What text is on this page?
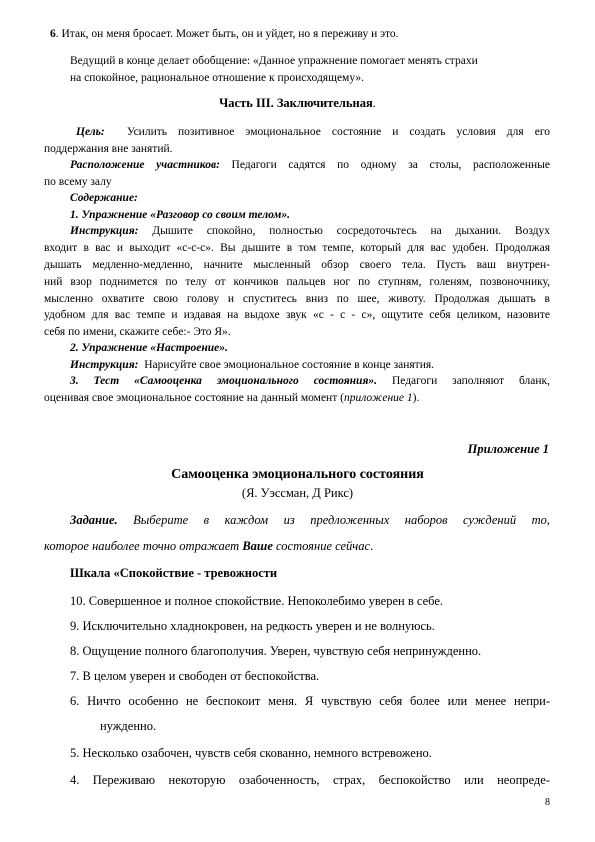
6. Итак, он меня бросает. Может быть, он и уйдет, но я переживу и это.
Ведущий в конце делает обобщение: «Данное упражнение помогает менять страхи
на спокойное, рациональное отношение к происходящему».
Часть III. Заключительная.
Цель: Усилить позитивное эмоциональное состояние и создать условия для его
поддержания вне занятий.
Расположение участников: Педагоги садятся по одному за столы, расположенные
по всему залу
Содержание:
1. Упражнение «Разговор со своим телом».
Инструкция: Дышите спокойно, полностью сосредоточьтесь на дыхании. Воздух
входит в вас и выходит «с-с-с». Вы дышите в том темпе, который для вас удобен. Продолжая
дышать медленно-медленно, начните мысленный обзор своего тела. Пусть ваш внутрен-
ний взор поднимется по телу от кончиков пальцев ног по ступням, голеням, позвоночнику,
мысленно охватите свою голову и спуститесь вниз по шее, животу. Продолжая дышать в
удобном для вас темпе и издавая на выдохе звук «с - с - с», ощутите себя целиком, назовите
себя по имени, скажите себе:- Это Я».
2. Упражнение «Настроение».
Инструкция: Нарисуйте свое эмоциональное состояние в конце занятия.
3. Тест «Самооценка эмоционального состояния». Педагоги заполняют бланк,
оценивая свое эмоциональное состояние на данный момент (приложение 1).
Приложение 1
Самооценка эмоционального состояния
(Я. Уэссман, Д Рикс)
Задание. Выберите в каждом из предложенных наборов суждений то,
которое наиболее точно отражает Ваше состояние сейчас.
Шкала «Спокойствие - тревожности
10. Совершенное и полное спокойствие. Непоколебимо уверен в себе.
9. Исключительно хладнокровен, на редкость уверен и не волнуюсь.
8. Ощущение полного благополучия. Уверен, чувствую себя непринужденно.
7. В целом уверен и свободен от беспокойства.
6. Ничто особенно не беспокоит меня. Я чувствую себя более или менее непри-
нужденно.
5. Несколько озабочен, чувств себя скованно, немного встревожено.
4. Переживаю некоторую озабоченность, страх, беспокойство или неопреде-
8
